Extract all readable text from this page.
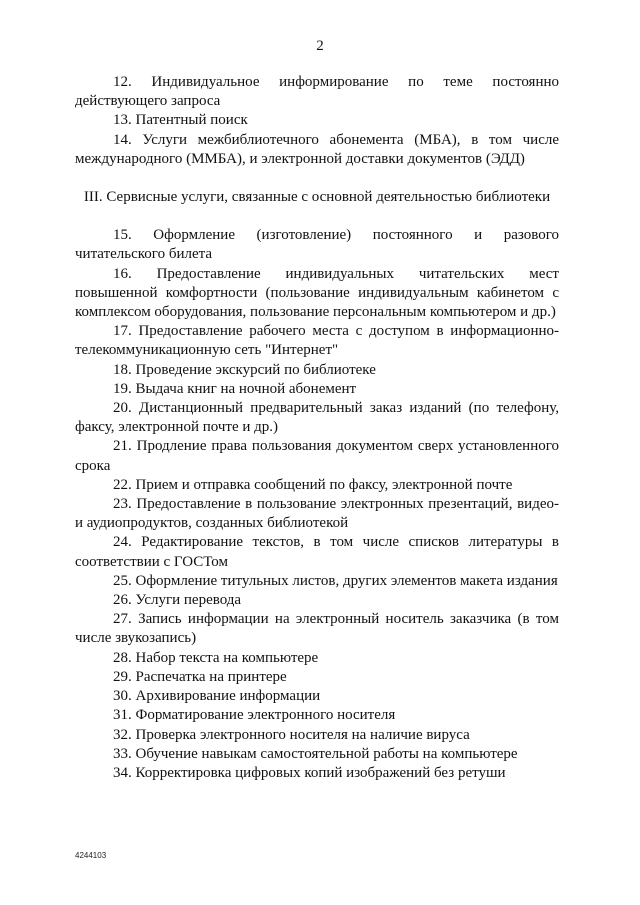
2

12. Индивидуальное информирование по теме постоянно действующего запроса

13. Патентный поиск

14. Услуги межбиблиотечного абонемента (МБА), в том числе международного (ММБА), и электронной доставки документов (ЭДД)

III. Сервисные услуги, связанные с основной деятельностью библиотеки

15. Оформление (изготовление) постоянного и разового читательского билета

16. Предоставление индивидуальных читательских мест повышенной комфортности (пользование индивидуальным кабинетом с комплексом оборудования, пользование персональным компьютером и др.)

17. Предоставление рабочего места с доступом в информационно-телекоммуникационную сеть "Интернет"

18. Проведение экскурсий по библиотеке

19. Выдача книг на ночной абонемент

20. Дистанционный предварительный заказ изданий (по телефону, факсу, электронной почте и др.)

21. Продление права пользования документом сверх установленного срока

22. Прием и отправка сообщений по факсу, электронной почте

23. Предоставление в пользование электронных презентаций, видео- и аудиопродуктов, созданных библиотекой

24. Редактирование текстов, в том числе списков литературы в соответствии с ГОСТом

25. Оформление титульных листов, других элементов макета издания

26. Услуги перевода

27. Запись информации на электронный носитель заказчика (в том числе звукозапись)

28. Набор текста на компьютере

29. Распечатка на принтере

30. Архивирование информации

31. Форматирование электронного носителя

32. Проверка электронного носителя на наличие вируса

33. Обучение навыкам самостоятельной работы на компьютере

34. Корректировка цифровых копий изображений без ретуши

4244103
